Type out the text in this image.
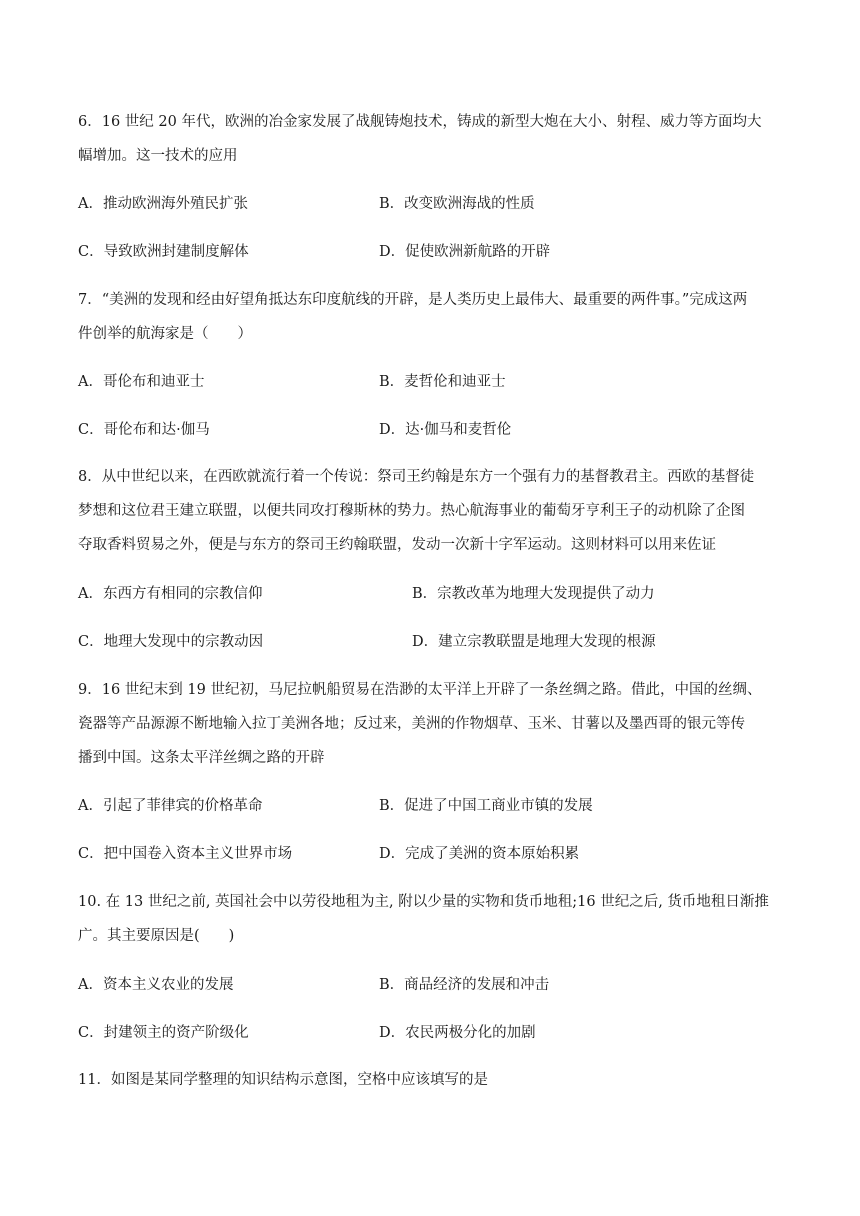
6．16 世纪 20 年代，欧洲的冶金家发展了战舰铸炮技术，铸成的新型大炮在大小、射程、威力等方面均大
幅增加。这一技术的应用
A．推动欧洲海外殖民扩张	B．改变欧洲海战的性质
C．导致欧洲封建制度解体	D．促使欧洲新航路的开辟
7．“美洲的发现和经由好望角抵达东印度航线的开辟，是人类历史上最伟大、最重要的两件事。”完成这两
件创举的航海家是（　　）
A．哥伦布和迪亚士	B．麦哲伦和迪亚士
C．哥伦布和达·伽马	D．达·伽马和麦哲伦
8．从中世纪以来，在西欧就流行着一个传说：祭司王约翰是东方一个强有力的基督教君主。西欧的基督徒
梦想和这位君王建立联盟，以便共同攻打穆斯林的势力。热心航海事业的葡萄牙亨利王子的动机除了企图
夺取香料贸易之外，便是与东方的祭司王约翰联盟，发动一次新十字军运动。这则材料可以用来佐证
A．东西方有相同的宗教信仰	B．宗教改革为地理大发现提供了动力
C．地理大发现中的宗教动因	D．建立宗教联盟是地理大发现的根源
9．16 世纪末到 19 世纪初，马尼拉帆船贸易在浩渺的太平洋上开辟了一条丝绸之路。借此，中国的丝绸、
瓷器等产品源源不断地输入拉丁美洲各地；反过来，美洲的作物烟草、玉米、甘薯以及墨西哥的银元等传
播到中国。这条太平洋丝绸之路的开辟
A．引起了菲律宾的价格革命	B．促进了中国工商业市镇的发展
C．把中国卷入资本主义世界市场	D．完成了美洲的资本原始积累
10. 在 13 世纪之前, 英国社会中以劳役地租为主, 附以少量的实物和货币地租;16 世纪之后, 货币地租日渐推
广。其主要原因是(　　)
A．资本主义农业的发展	B．商品经济的发展和冲击
C．封建领主的资产阶级化	D．农民两极分化的加剧
11．如图是某同学整理的知识结构示意图，空格中应该填写的是
